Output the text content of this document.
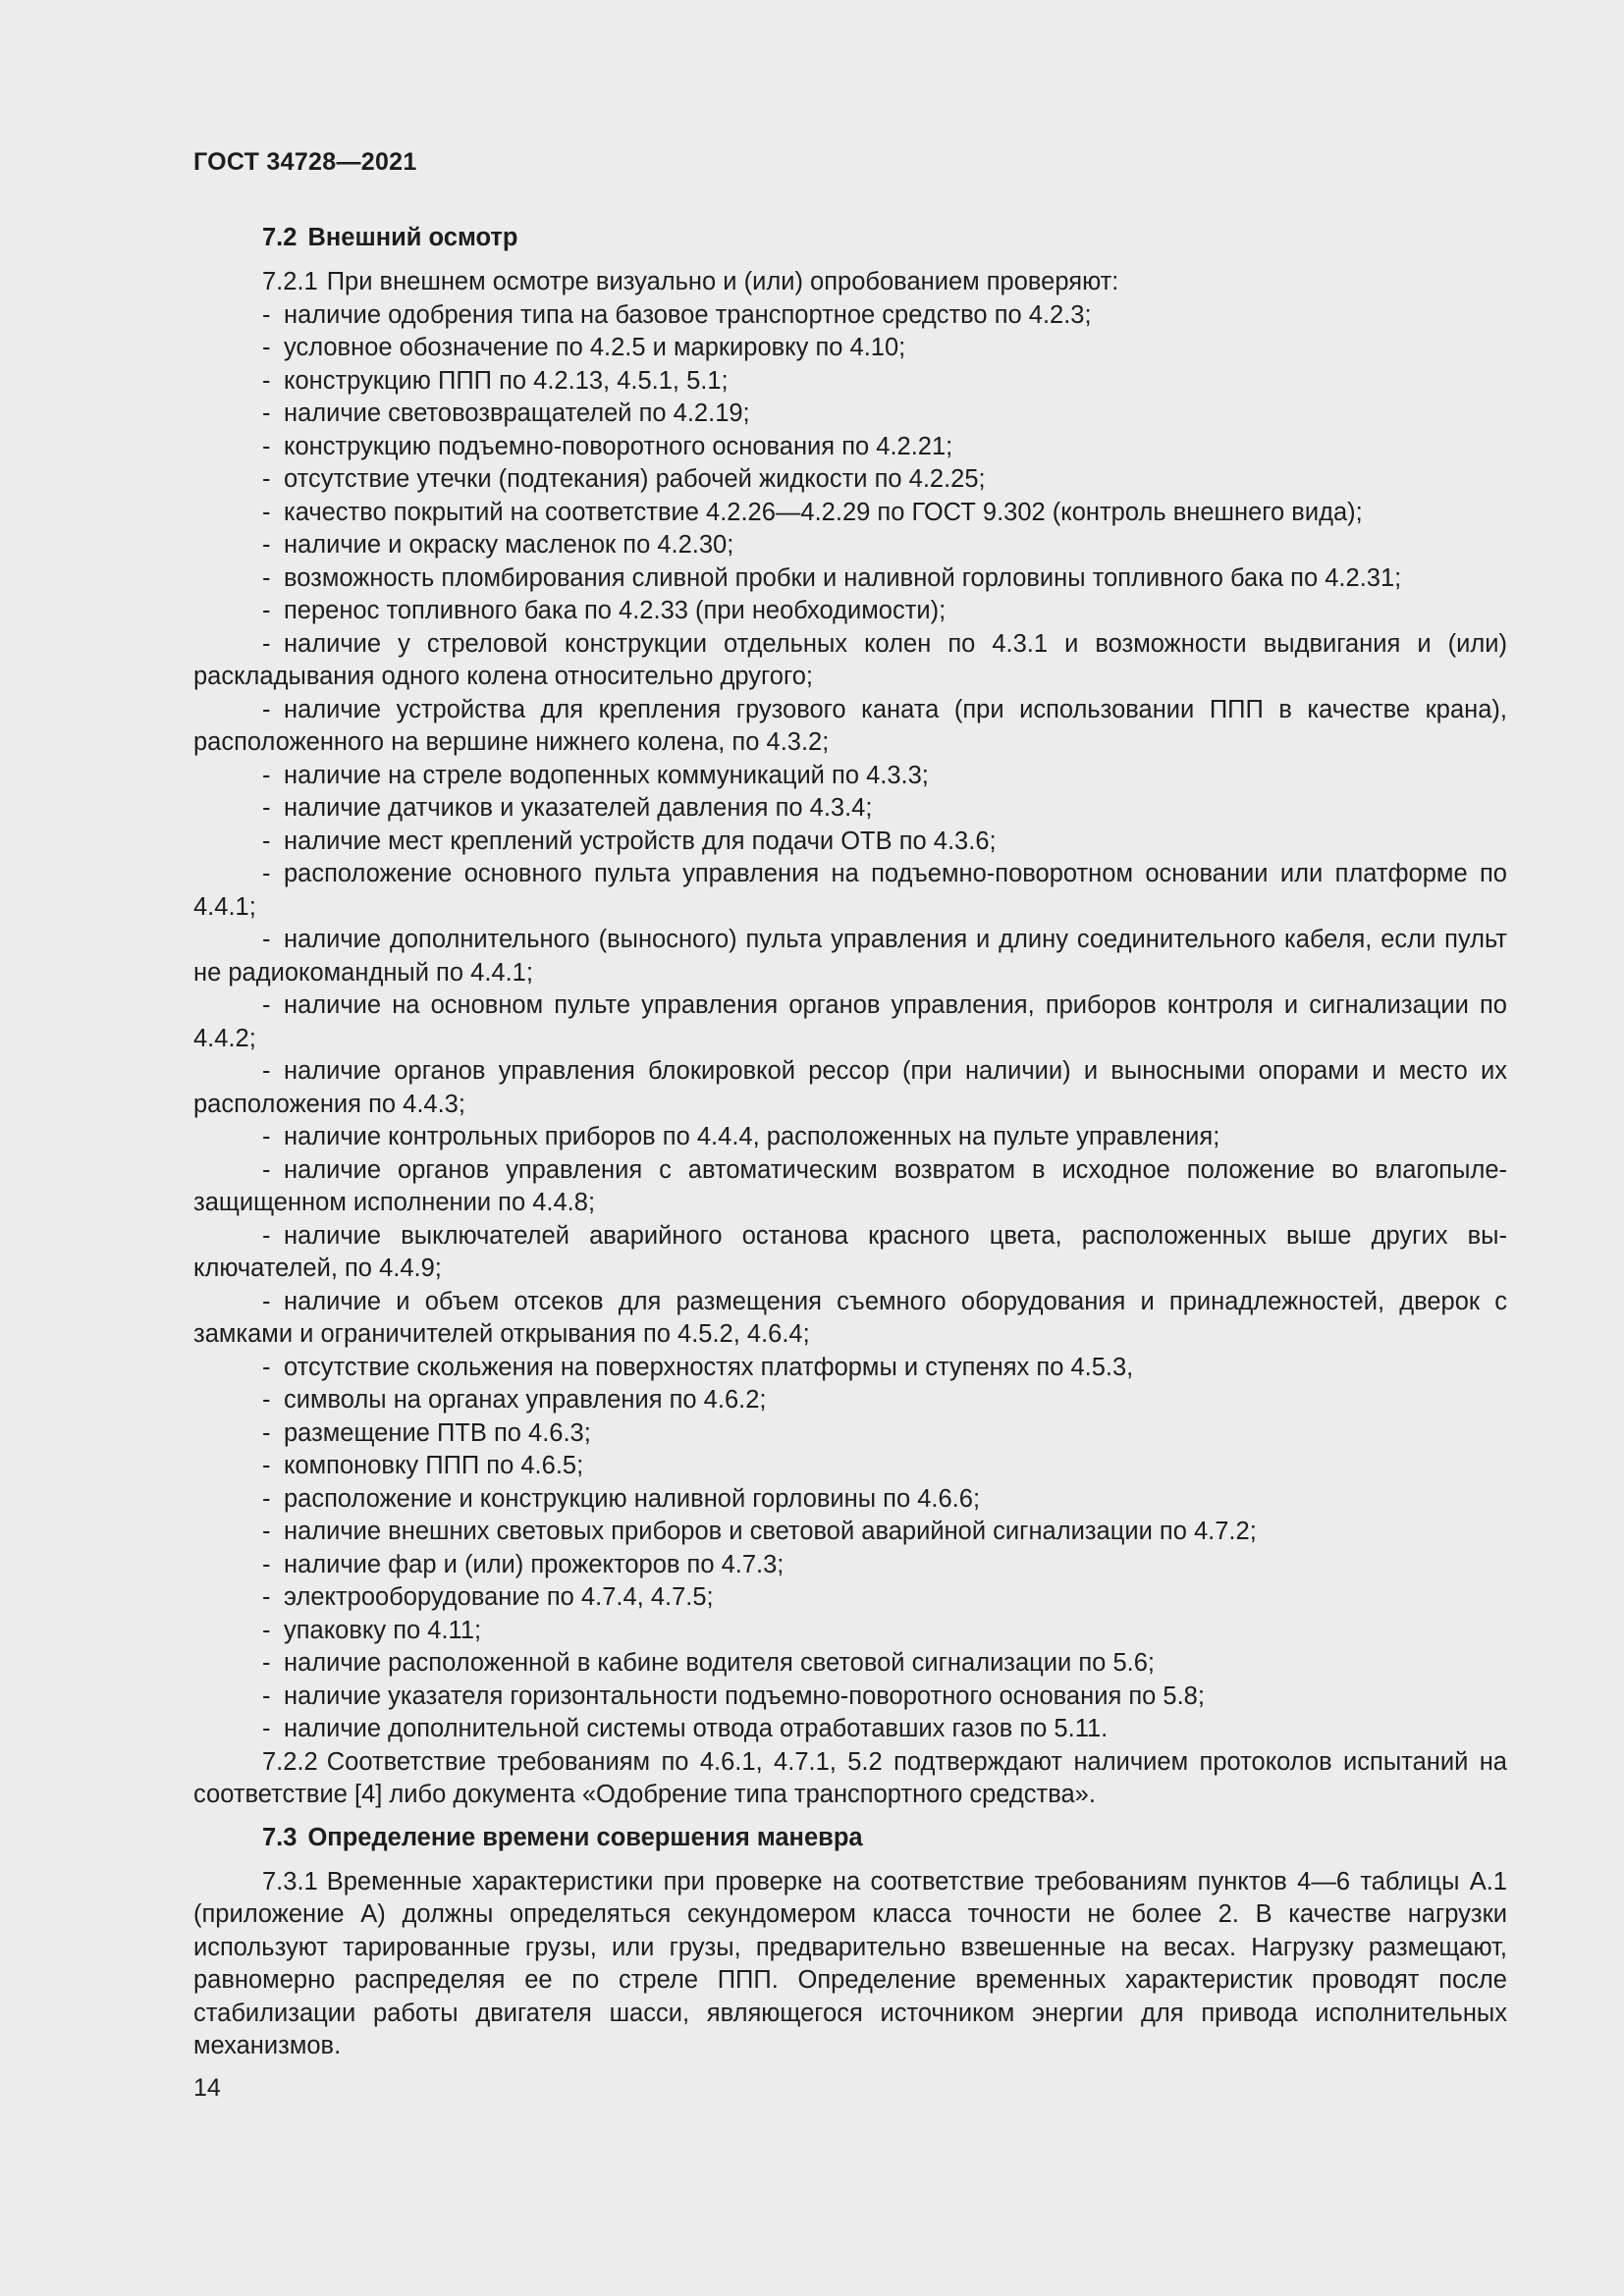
ГОСТ 34728—2021
7.2 Внешний осмотр

7.2.1 При внешнем осмотре визуально и (или) опробованием проверяют:

- наличие одобрения типа на базовое транспортное средство по 4.2.3;

- условное обозначение по 4.2.5 и маркировку по 4.10;

- конструкцию ППП по 4.2.13, 4.5.1, 5.1;

- наличие световозвращателей по 4.2.19;

- конструкцию подъемно-поворотного основания по 4.2.21;

- отсутствие утечки (подтекания) рабочей жидкости по 4.2.25;

- качество покрытий на соответствие 4.2.26—4.2.29 по ГОСТ 9.302 (контроль внешнего вида);

- наличие и окраску масленок по 4.2.30;

- возможность пломбирования сливной пробки и наливной горловины топливного бака по 4.2.31;

- перенос топливного бака по 4.2.33 (при необходимости);

- наличие у стреловой конструкции отдельных колен по 4.3.1 и возможности выдвигания и (или) раскладывания одного колена относительно другого;

- наличие устройства для крепления грузового каната (при использовании ППП в качестве крана), расположенного на вершине нижнего колена, по 4.3.2;

- наличие на стреле водопенных коммуникаций по 4.3.3;

- наличие датчиков и указателей давления по 4.3.4;

- наличие мест креплений устройств для подачи ОТВ по 4.3.6;

- расположение основного пульта управления на подъемно-поворотном основании или платформе по 4.4.1;

- наличие дополнительного (выносного) пульта управления и длину соединительного кабеля, если пульт не радиокомандный по 4.4.1;

- наличие на основном пульте управления органов управления, приборов контроля и сигнализации по 4.4.2;

- наличие органов управления блокировкой рессор (при наличии) и выносными опорами и место их расположения по 4.4.3;

- наличие контрольных приборов по 4.4.4, расположенных на пульте управления;

- наличие органов управления с автоматическим возвратом в исходное положение во влагопылезащищенном исполнении по 4.4.8;

- наличие выключателей аварийного останова красного цвета, расположенных выше других выключателей, по 4.4.9;

- наличие и объем отсеков для размещения съемного оборудования и принадлежностей, дверок с замками и ограничителей открывания по 4.5.2, 4.6.4;

- отсутствие скольжения на поверхностях платформы и ступенях по 4.5.3,

- символы на органах управления по 4.6.2;

- размещение ПТВ по 4.6.3;

- компоновку ППП по 4.6.5;

- расположение и конструкцию наливной горловины по 4.6.6;

- наличие внешних световых приборов и световой аварийной сигнализации по 4.7.2;

- наличие фар и (или) прожекторов по 4.7.3;

- электрооборудование по 4.7.4, 4.7.5;

- упаковку по 4.11;

- наличие расположенной в кабине водителя световой сигнализации по 5.6;

- наличие указателя горизонтальности подъемно-поворотного основания по 5.8;

- наличие дополнительной системы отвода отработавших газов по 5.11.

7.2.2 Соответствие требованиям по 4.6.1, 4.7.1, 5.2 подтверждают наличием протоколов испытаний на соответствие [4] либо документа «Одобрение типа транспортного средства».

7.3 Определение времени совершения маневра

7.3.1 Временные характеристики при проверке на соответствие требованиям пунктов 4—6 таблицы А.1 (приложение А) должны определяться секундомером класса точности не более 2. В качестве нагрузки используют тарированные грузы, или грузы, предварительно взвешенные на весах. Нагрузку размещают, равномерно распределяя ее по стреле ППП. Определение временных характеристик проводят после стабилизации работы двигателя шасси, являющегося источником энергии для привода исполнительных механизмов.

14
